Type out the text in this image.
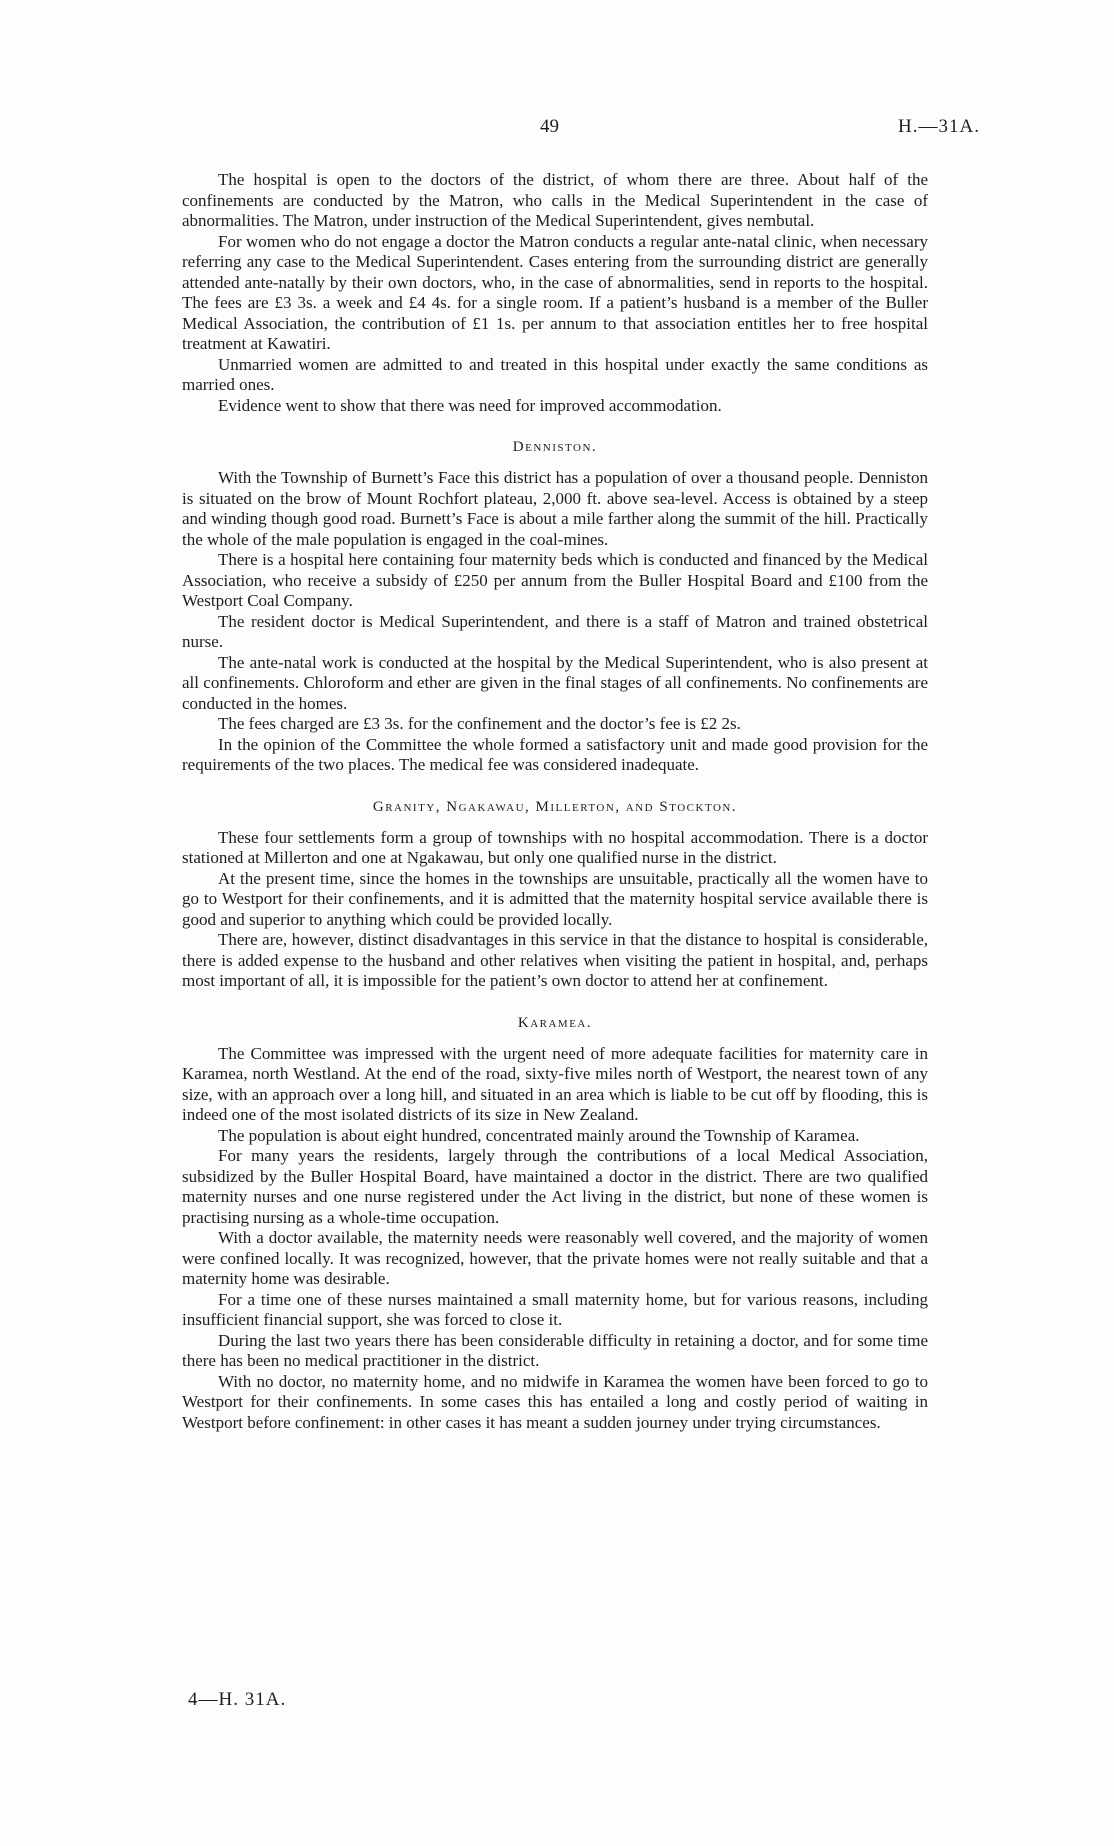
49	H.—31A.

The hospital is open to the doctors of the district, of whom there are three. About half of the confinements are conducted by the Matron, who calls in the Medical Superintendent in the case of abnormalities. The Matron, under instruction of the Medical Superintendent, gives nembutal.

For women who do not engage a doctor the Matron conducts a regular ante-natal clinic, when necessary referring any case to the Medical Superintendent. Cases entering from the surrounding district are generally attended ante-natally by their own doctors, who, in the case of abnormalities, send in reports to the hospital. The fees are £3 3s. a week and £4 4s. for a single room. If a patient’s husband is a member of the Buller Medical Association, the contribution of £1 1s. per annum to that association entitles her to free hospital treatment at Kawatiri.

Unmarried women are admitted to and treated in this hospital under exactly the same conditions as married ones.

Evidence went to show that there was need for improved accommodation.

Denniston.

With the Township of Burnett’s Face this district has a population of over a thousand people. Denniston is situated on the brow of Mount Rochfort plateau, 2,000 ft. above sea-level. Access is obtained by a steep and winding though good road. Burnett’s Face is about a mile farther along the summit of the hill. Practically the whole of the male population is engaged in the coal-mines.

There is a hospital here containing four maternity beds which is conducted and financed by the Medical Association, who receive a subsidy of £250 per annum from the Buller Hospital Board and £100 from the Westport Coal Company.

The resident doctor is Medical Superintendent, and there is a staff of Matron and trained obstetrical nurse.

The ante-natal work is conducted at the hospital by the Medical Superintendent, who is also present at all confinements. Chloroform and ether are given in the final stages of all confinements. No confinements are conducted in the homes.

The fees charged are £3 3s. for the confinement and the doctor’s fee is £2 2s.

In the opinion of the Committee the whole formed a satisfactory unit and made good provision for the requirements of the two places. The medical fee was considered inadequate.

Granity, Ngakawau, Millerton, and Stockton.

These four settlements form a group of townships with no hospital accommodation. There is a doctor stationed at Millerton and one at Ngakawau, but only one qualified nurse in the district.

At the present time, since the homes in the townships are unsuitable, practically all the women have to go to Westport for their confinements, and it is admitted that the maternity hospital service available there is good and superior to anything which could be provided locally.

There are, however, distinct disadvantages in this service in that the distance to hospital is considerable, there is added expense to the husband and other relatives when visiting the patient in hospital, and, perhaps most important of all, it is impossible for the patient’s own doctor to attend her at confinement.

Karamea.

The Committee was impressed with the urgent need of more adequate facilities for maternity care in Karamea, north Westland. At the end of the road, sixty-five miles north of Westport, the nearest town of any size, with an approach over a long hill, and situated in an area which is liable to be cut off by flooding, this is indeed one of the most isolated districts of its size in New Zealand.

The population is about eight hundred, concentrated mainly around the Township of Karamea.

For many years the residents, largely through the contributions of a local Medical Association, subsidized by the Buller Hospital Board, have maintained a doctor in the district. There are two qualified maternity nurses and one nurse registered under the Act living in the district, but none of these women is practising nursing as a whole-time occupation.

With a doctor available, the maternity needs were reasonably well covered, and the majority of women were confined locally. It was recognized, however, that the private homes were not really suitable and that a maternity home was desirable.

For a time one of these nurses maintained a small maternity home, but for various reasons, including insufficient financial support, she was forced to close it.

During the last two years there has been considerable difficulty in retaining a doctor, and for some time there has been no medical practitioner in the district.

With no doctor, no maternity home, and no midwife in Karamea the women have been forced to go to Westport for their confinements. In some cases this has entailed a long and costly period of waiting in Westport before confinement: in other cases it has meant a sudden journey under trying circumstances.

4—H. 31A.
